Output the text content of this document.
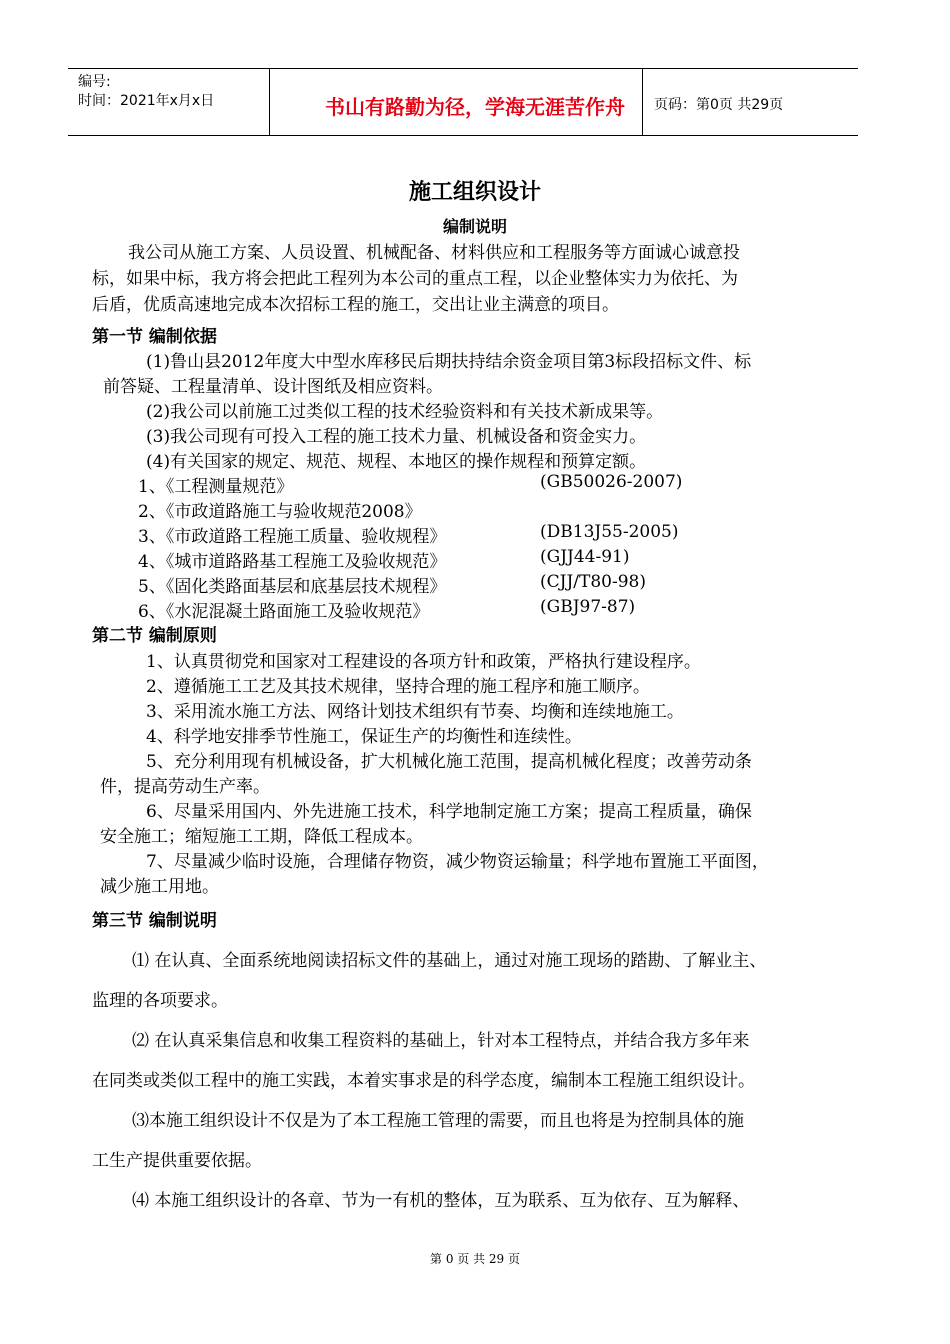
编号:
时间：2021年x月x日	书山有路勤为径，学海无涯苦作舟	页码：第0页 共29页
施工组织设计
编制说明
我公司从施工方案、人员设置、机械配备、材料供应和工程服务等方面诚心诚意投
标，如果中标，我方将会把此工程列为本公司的重点工程，以企业整体实力为依托、为
后盾，优质高速地完成本次招标工程的施工，交出让业主满意的项目。
第一节 编制依据
(1)鲁山县2012年度大中型水库移民后期扶持结余资金项目第3标段招标文件、标
前答疑、工程量清单、设计图纸及相应资料。
(2)我公司以前施工过类似工程的技术经验资料和有关技术新成果等。
(3)我公司现有可投入工程的施工技术力量、机械设备和资金实力。
(4)有关国家的规定、规范、规程、本地区的操作规程和预算定额。
1、《工程测量规范》	(GB50026-2007)
2、《市政道路施工与验收规范2008》
3、《市政道路工程施工质量、验收规程》	(DB13J55-2005)
4、《城市道路路基工程施工及验收规范》	(GJJ44-91)
5、《固化类路面基层和底基层技术规程》	(CJJ/T80-98)
6、《水泥混凝土路面施工及验收规范》	(GBJ97-87)
第二节 编制原则
1、认真贯彻党和国家对工程建设的各项方针和政策，严格执行建设程序。
2、遵循施工工艺及其技术规律，坚持合理的施工程序和施工顺序。
3、采用流水施工方法、网络计划技术组织有节奏、均衡和连续地施工。
4、科学地安排季节性施工，保证生产的均衡性和连续性。
5、充分利用现有机械设备，扩大机械化施工范围，提高机械化程度；改善劳动条
件，提高劳动生产率。
6、尽量采用国内、外先进施工技术，科学地制定施工方案；提高工程质量，确保
安全施工；缩短施工工期，降低工程成本。
7、尽量减少临时设施，合理储存物资，减少物资运输量；科学地布置施工平面图，
减少施工用地。
第三节 编制说明
⑴ 在认真、全面系统地阅读招标文件的基础上，通过对施工现场的踏勘、了解业主、
监理的各项要求。
⑵ 在认真采集信息和收集工程资料的基础上，针对本工程特点，并结合我方多年来
在同类或类似工程中的施工实践，本着实事求是的科学态度，编制本工程施工组织设计。
⑶本施工组织设计不仅是为了本工程施工管理的需要，而且也将是为控制具体的施
工生产提供重要依据。
⑷ 本施工组织设计的各章、节为一有机的整体，互为联系、互为依存、互为解释、
第 0 页 共 29 页
